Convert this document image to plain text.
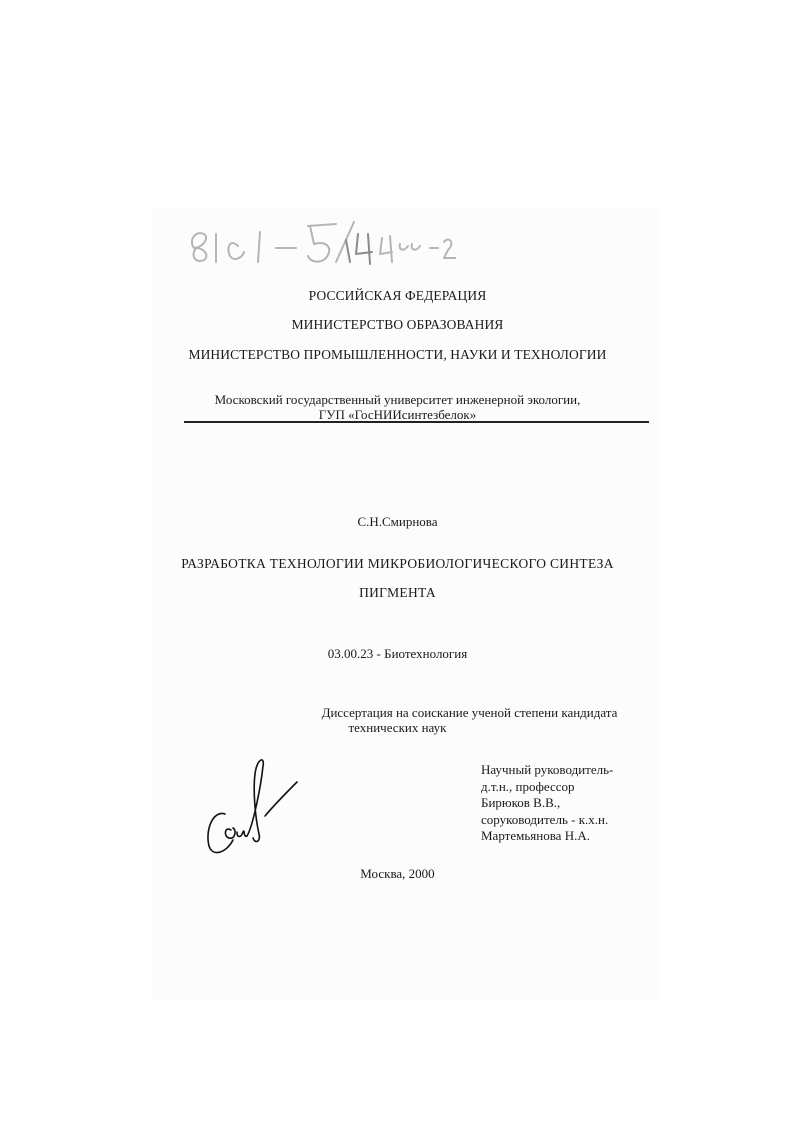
РОССИЙСКАЯ ФЕДЕРАЦИЯ
МИНИСТЕРСТВО ОБРАЗОВАНИЯ
МИНИСТЕРСТВО ПРОМЫШЛЕННОСТИ, НАУКИ И ТЕХНОЛОГИИ
Московский государственный университет инженерной экологии,
ГУП «ГосНИИсинтезбелок»
С.Н.Смирнова
РАЗРАБОТКА ТЕХНОЛОГИИ МИКРОБИОЛОГИЧЕСКОГО СИНТЕЗА
ПИГМЕНТА
03.00.23 - Биотехнология
Диссертация на соискание ученой степени кандидата
технических наук
Научный руководитель-
д.т.н., профессор
Бирюков В.В.,
соруководитель - к.х.н.
Мартемьянова Н.А.
Москва, 2000
